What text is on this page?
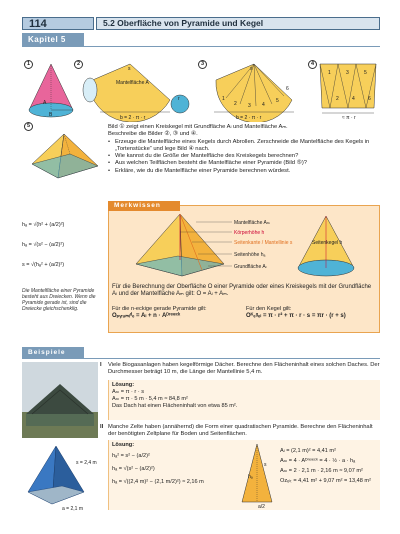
114	5.2 Oberfläche von Pyramide und Kegel
Kapitel 5
1
A
B
2
s
Mantelfläche A
r
b = 2 · π · r
3
s
1
2 3 4
5
6
b = 2 · π · r
4
1	3	5
2	4	6
≈ π · r
5	Bild ① zeigt einen Kreiskegel mit Grundfläche Aₗ und Mantelfläche Aₘ.
Beschreibe die Bilder ②, ③ und ④.
• Erzeuge die Mantelfläche eines Kegels durch Abrollen. Zerschneide die Mantelfläche des Kegels in „Tortenstücke“ und lege Bild ④ nach.
• Wie kannst du die Größe der Mantelfläche des Kreiskegels berechnen?
• Aus welchen Teilflächen besteht die Mantelfläche einer Pyramide (Bild ⑤)?
• Erkläre, wie du die Mantelfläche einer Pyramide berechnen würdest.
Merkwissen
Mantelfläche Aₘ
Körperhöhe h
Seitenkante / Mantellinie s
Seitenhöhe hₐ
Grundfläche Aₗ
Seitenkegel h
Für die Berechnung der Oberfläche O einer Pyramide oder eines Kreiskegels mit der Grundfläche Aₗ und der Mantelfläche Aₘ gilt: O = Aₗ + Aₘ.
Für die n-eckige gerade Pyramide gilt:
Oₚᵧᵣₐₘᵢᵈₑ = Aₗ + n · Aᴰʳᵉᶦᵉᶜᵏ
Für den Kegel gilt:
Oᴷₑᵍₑₗ = π · r² + π · r · s = πr · (r + s)
hₐ = √(h² + (a/2)²)
hₐ = √(s² − (a/2)²)
s = √(hₐ² + (a/2)²)
Die Mantelfläche einer Pyramide besteht aus Dreiecken. Wenn die Pyramide gerade ist, sind die Dreiecke gleichschenklig.
Beispiele
s = 2,4 m
a = 2,1 m
I Viele Biogasanlagen haben kegelförmige Dächer. Berechne den Flächeninhalt eines solchen Daches. Der Durchmesser beträgt 10 m, die Länge der Mantellinie 5,4 m.
Lösung:
Aₘ = π · r · s
Aₘ = π · 5 m · 5,4 m ≈ 84,8 m²
Das Dach hat einen Flächeninhalt von etwa 85 m².
II Manche Zelte haben (annähernd) die Form einer quadratischen Pyramide. Berechne den Flächeninhalt der benötigten Zeltplane für Boden und Seitenflächen.
Lösung:
hₐ² = s² − (a/2)²
hₐ = √(s² − (a/2)²)
hₐ = √((2,4 m)² − (2,1 m/2)²) ≈ 2,16 m
s
hₐ
a/2
Aₗ = (2,1 m)² = 4,41 m²
Aₘ = 4 · Aᴰʳᵉᶦᵉᶜᵏ = 4 · ½ · a · hₐ
Aₘ = 2 · 2,1 m · 2,16 m ≈ 9,07 m²
Oᴢₑₗₜ = 4,41 m² + 9,07 m² = 13,48 m²
